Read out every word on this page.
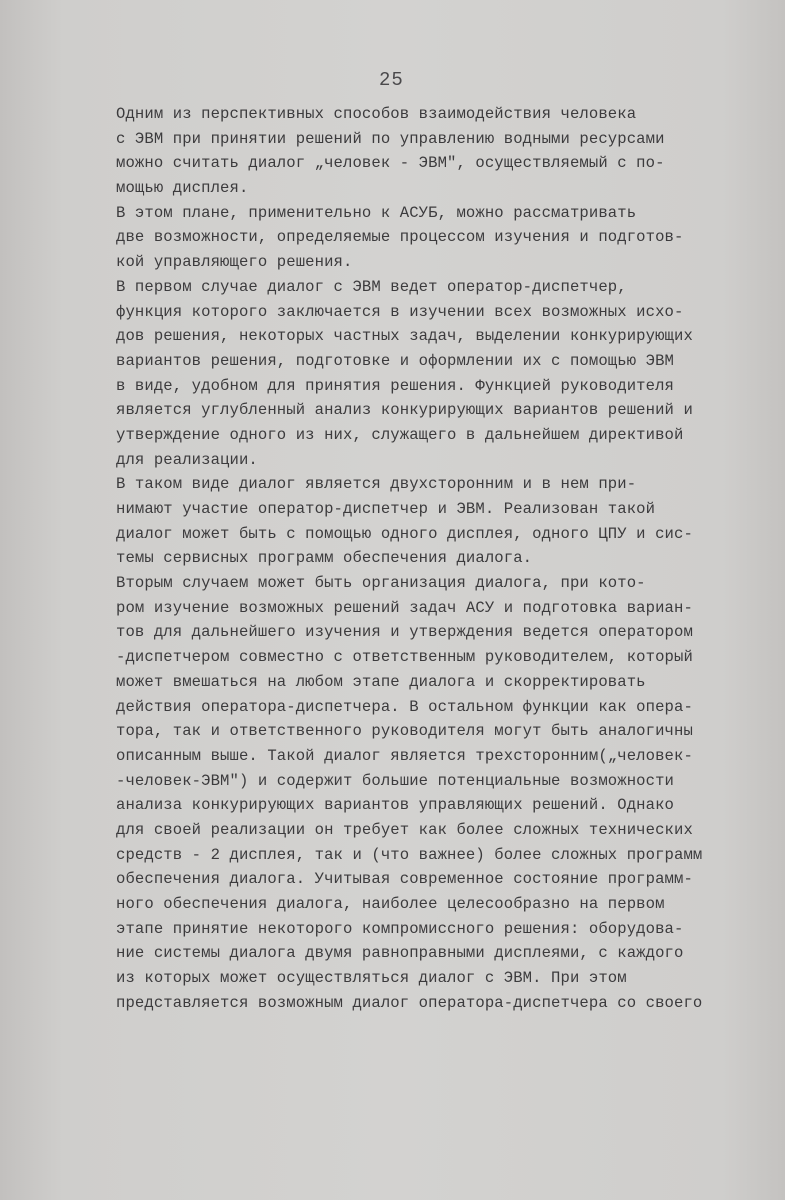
25
Одним из перспективных способов взаимодействия человека
с ЭВМ при принятии решений по управлению водными ресурсами
можно считать диалог „человек - ЭВМ", осуществляемый с по-
мощью дисплея.
В этом плане, применительно к АСУБ, можно рассматривать
две возможности, определяемые процессом изучения и подготов-
кой управляющего решения.
В первом случае диалог с ЭВМ ведет оператор-диспетчер,
функция которого заключается в изучении всех возможных исхо-
дов решения, некоторых частных задач, выделении конкурирующих
вариантов решения, подготовке и оформлении их с помощью ЭВМ
в виде, удобном для принятия решения. Функцией руководителя
является углубленный анализ конкурирующих вариантов решений и
утверждение одного из них, служащего в дальнейшем директивой
для реализации.
В таком виде диалог является двухсторонним и в нем при-
нимают участие оператор-диспетчер и ЭВМ. Реализован такой
диалог может быть с помощью одного дисплея, одного ЦПУ и сис-
темы сервисных программ обеспечения диалога.
Вторым случаем может быть организация диалога, при кото-
ром изучение возможных решений задач АСУ и подготовка вариан-
тов для дальнейшего изучения и утверждения ведется оператором
-диспетчером совместно с ответственным руководителем, который
может вмешаться на любом этапе диалога и скорректировать
действия оператора-диспетчера. В остальном функции как опера-
тора, так и ответственного руководителя могут быть аналогичны
описанным выше. Такой диалог является трехсторонним(„человек-
-человек-ЭВМ") и содержит большие потенциальные возможности
анализа конкурирующих вариантов управляющих решений. Однако
для своей реализации он требует как более сложных технических
средств - 2 дисплея, так и (что важнее) более сложных программ
обеспечения диалога. Учитывая современное состояние программ-
ного обеспечения диалога, наиболее целесообразно на первом
этапе принятие некоторого компромиссного решения: оборудова-
ние системы диалога двумя равноправными дисплеями, с каждого
из которых может осуществляться диалог с ЭВМ. При этом
представляется возможным диалог оператора-диспетчера со своего
